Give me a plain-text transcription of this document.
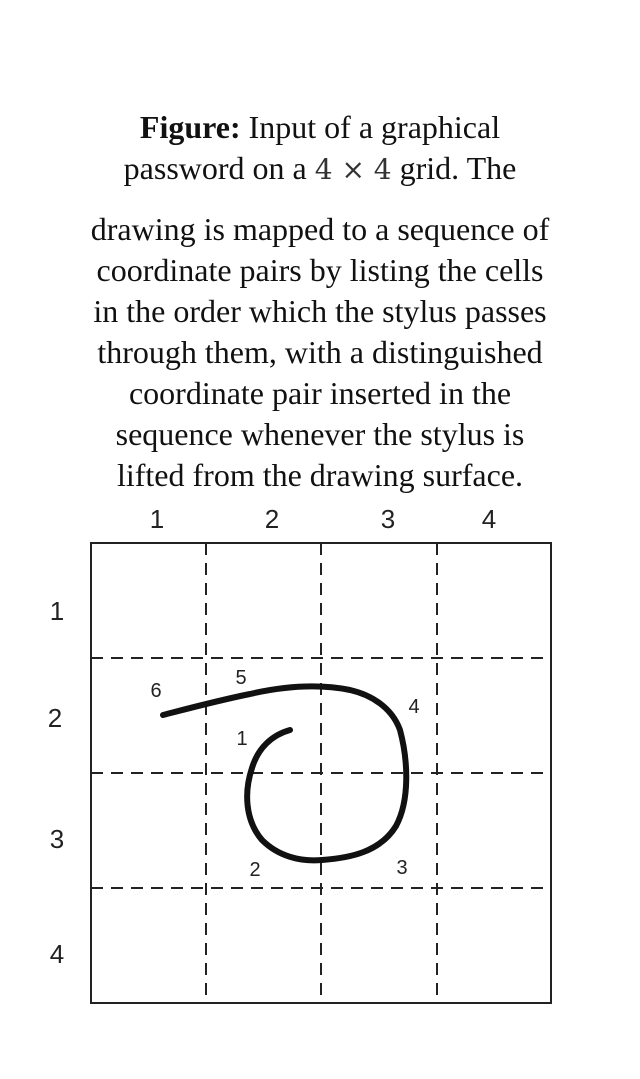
Figure: Input of a graphical
password on a 4 × 4 grid. The
drawing is mapped to a sequence of
coordinate pairs by listing the cells
in the order which the stylus passes
through them, with a distinguished
coordinate pair inserted in the
sequence whenever the stylus is
lifted from the drawing surface.
1	2	3	4
1
2
3
4
1
2	3
4
5
6
